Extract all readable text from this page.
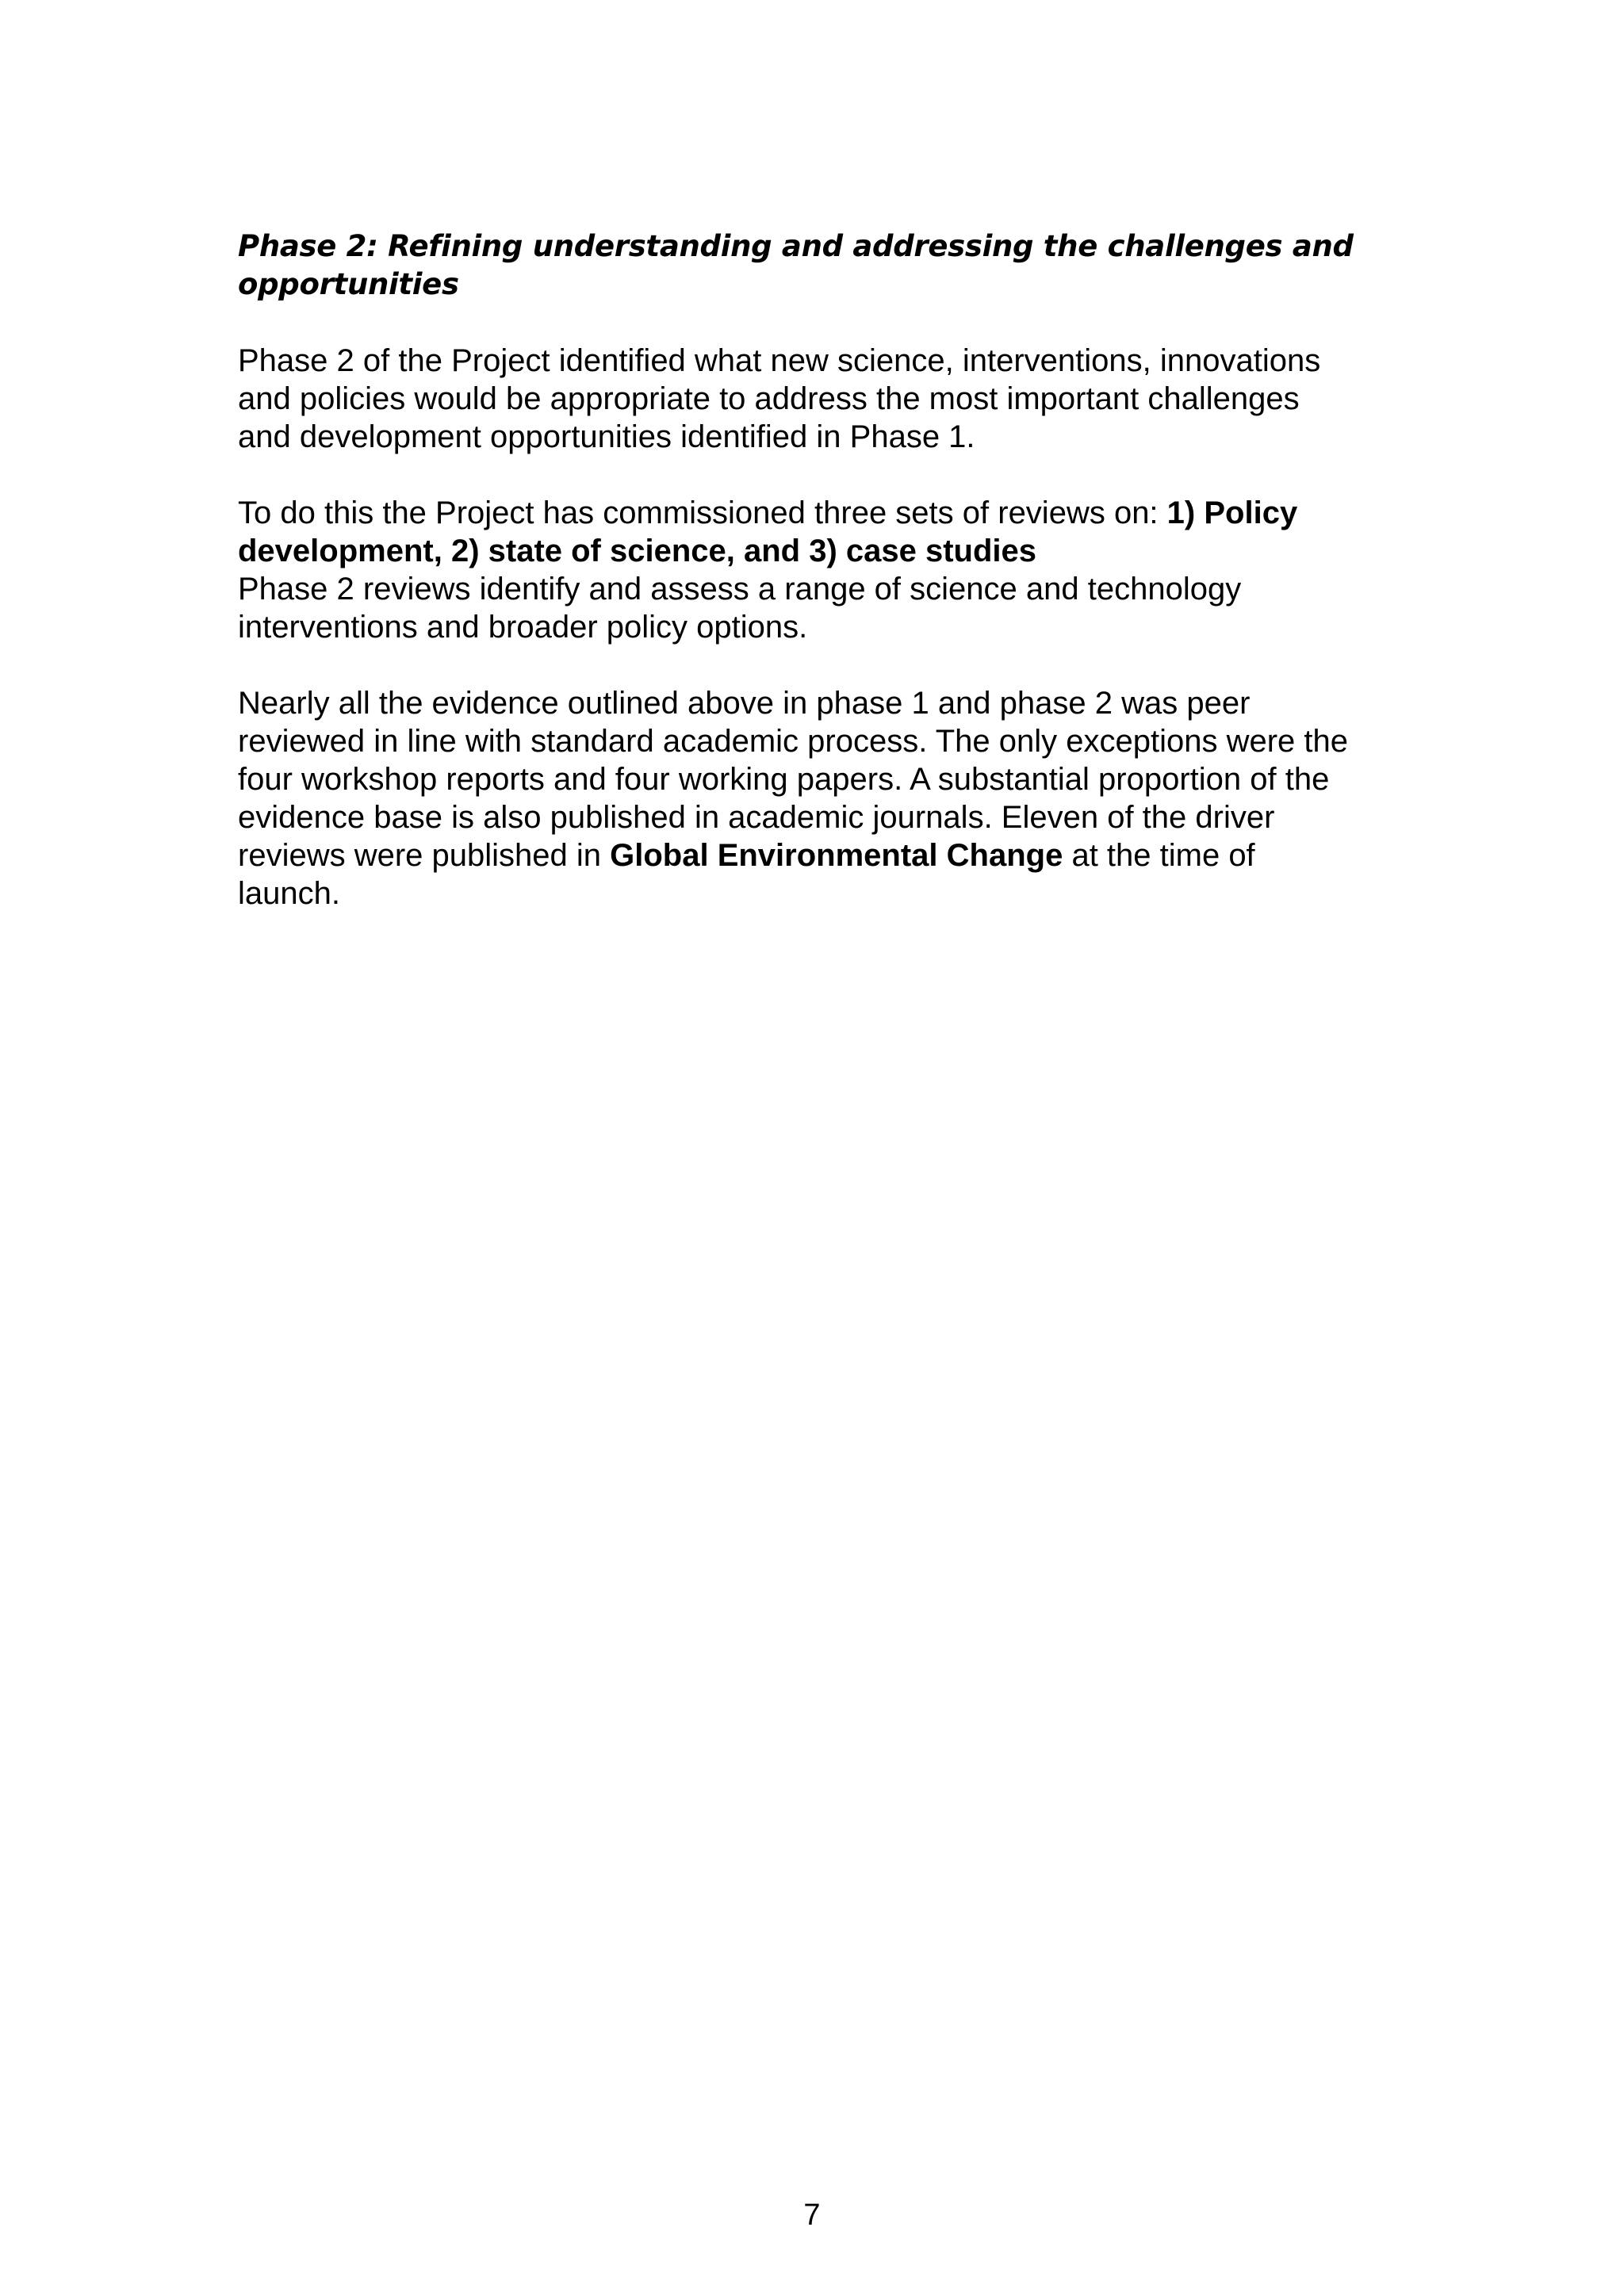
Phase 2: Refining understanding and addressing the challenges and
opportunities
Phase 2 of the Project identified what new science, interventions, innovations
and policies would be appropriate to address the most important challenges
and development opportunities identified in Phase 1.
To do this the Project has commissioned three sets of reviews on: 1) Policy
development, 2) state of science, and 3) case studies
Phase 2 reviews identify and assess a range of science and technology
interventions and broader policy options.
Nearly all the evidence outlined above in phase 1 and phase 2 was peer
reviewed in line with standard academic process. The only exceptions were the
four workshop reports and four working papers. A substantial proportion of the
evidence base is also published in academic journals. Eleven of the driver
reviews were published in Global Environmental Change at the time of
launch.
7
